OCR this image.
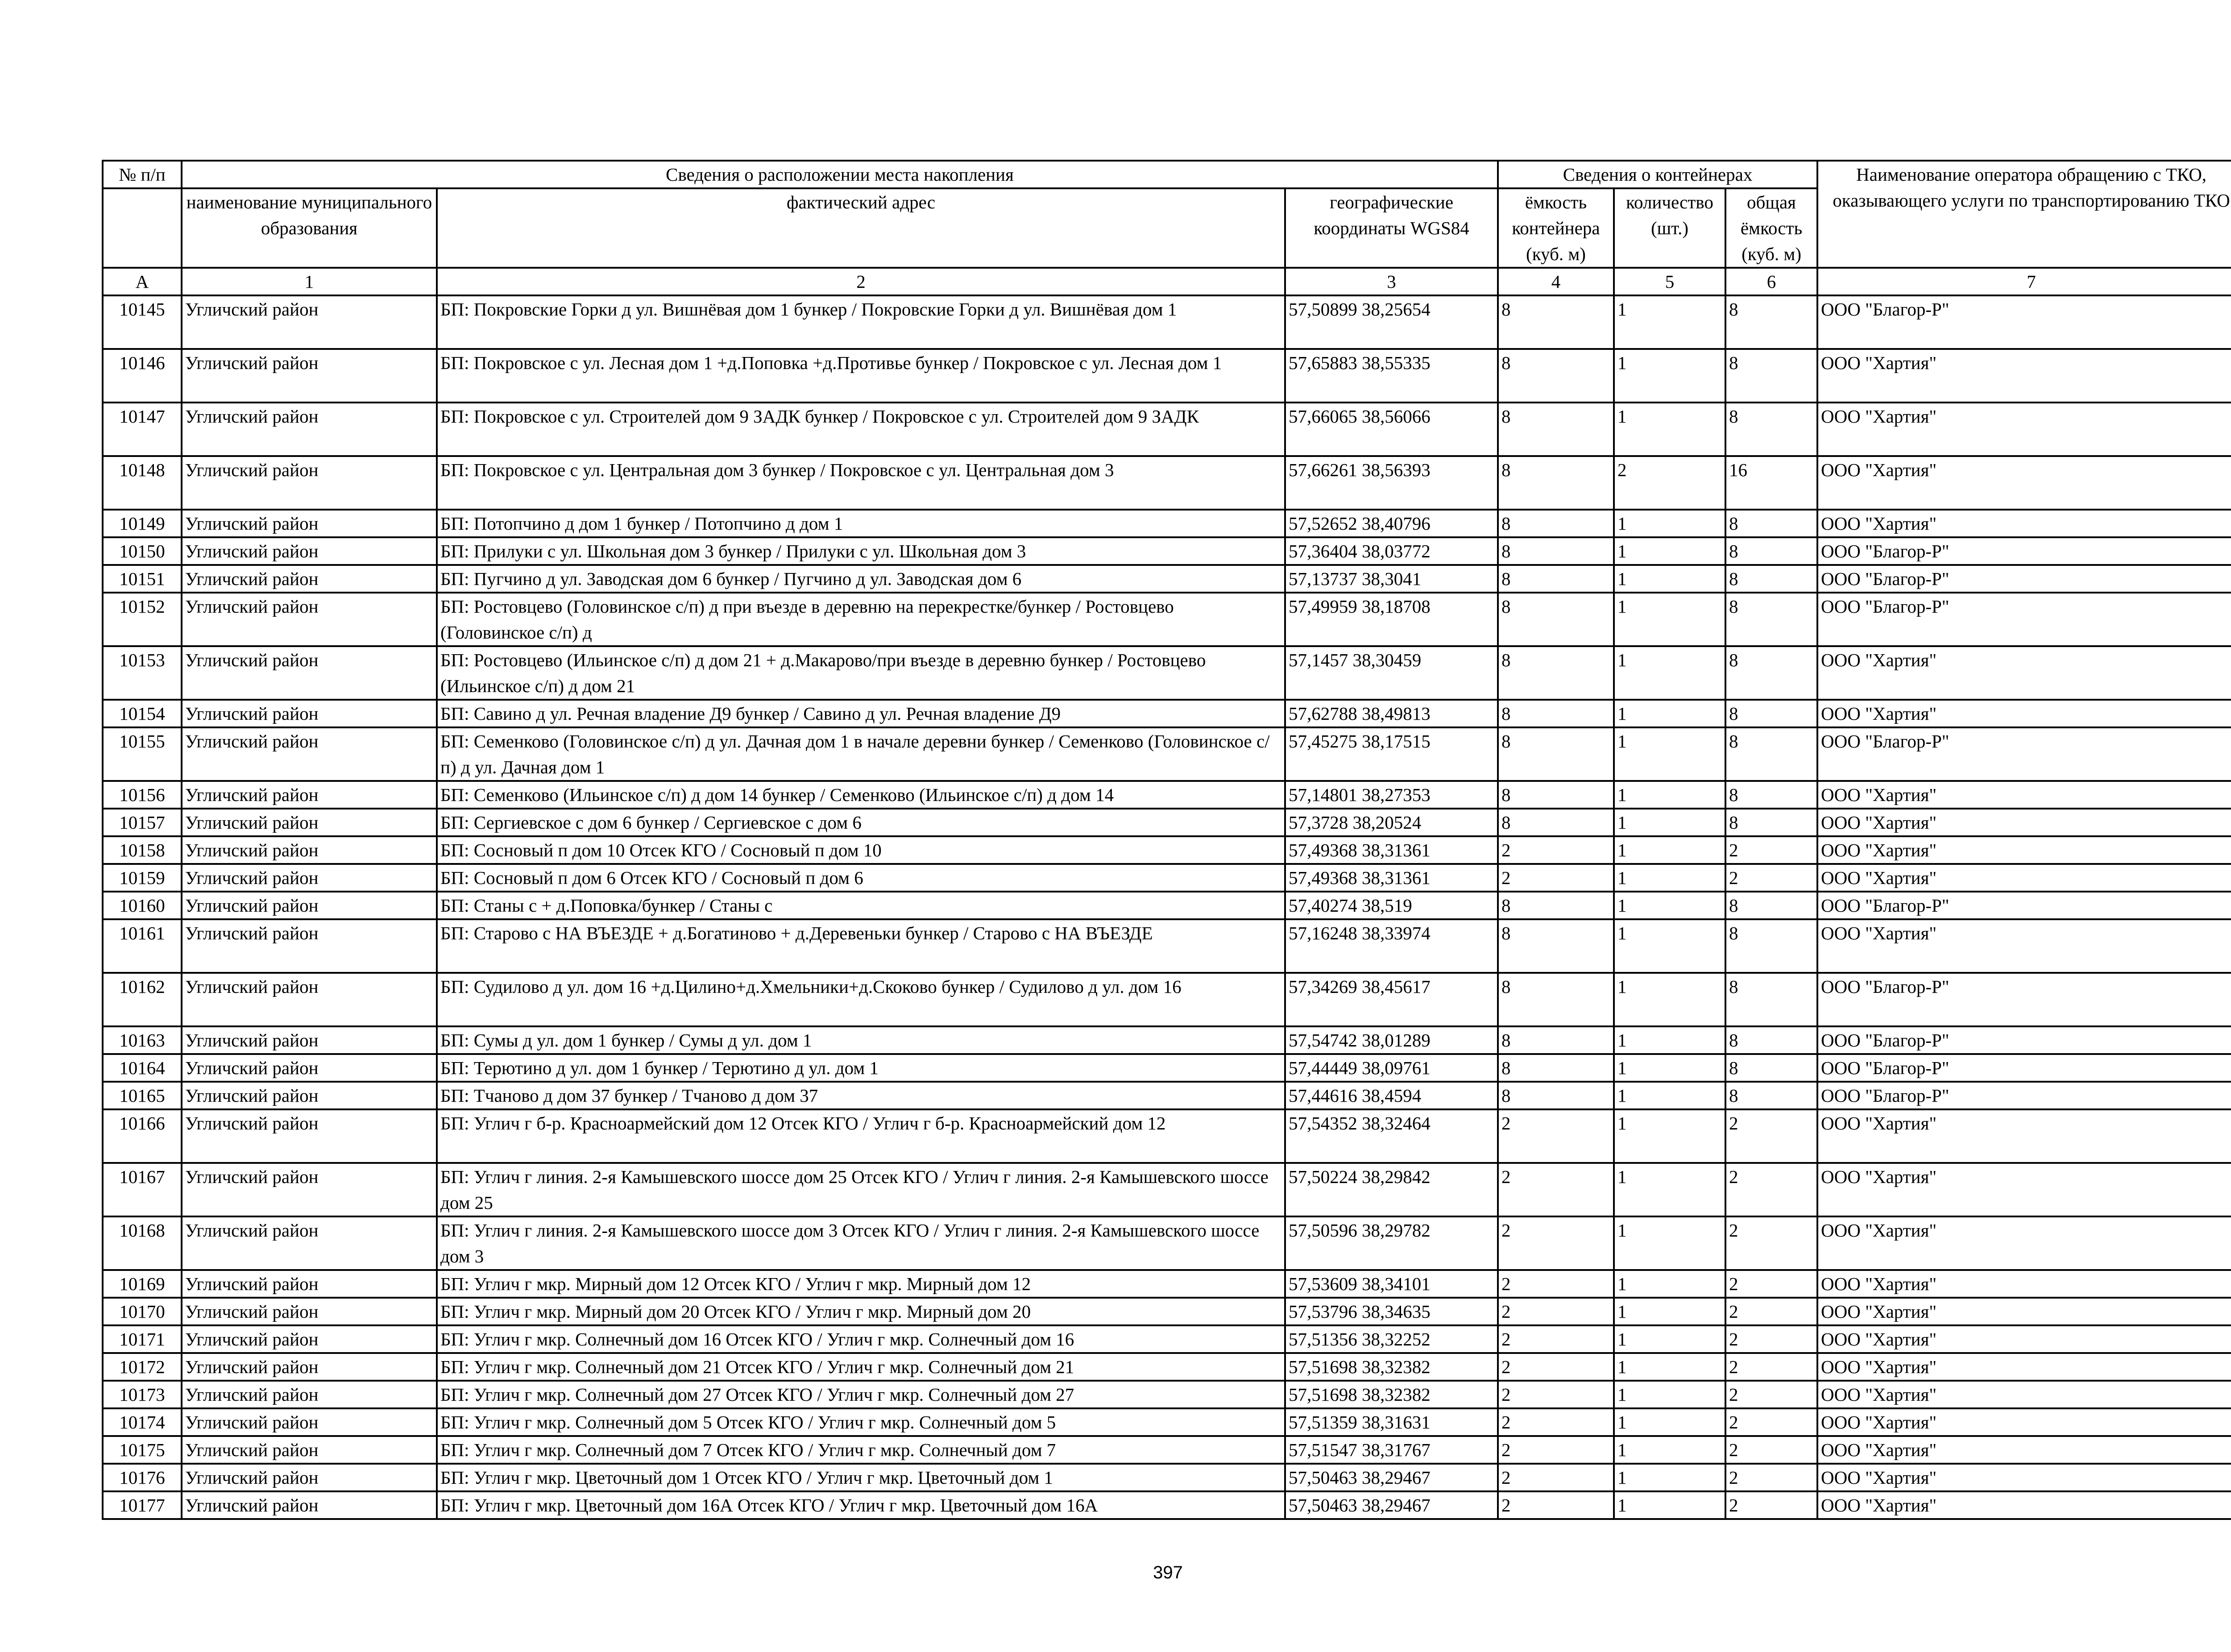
№ п/п	Сведения о расположении места накопления			Сведения о контейнерах			Наименование оператора обращению с ТКО, оказывающего услуги по транспортированию ТКО
	наименование муниципального образования	фактический адрес	географические координаты WGS84	ёмкость контейнера (куб. м)	количество (шт.)	общая ёмкость (куб. м)	
А	1	2	3	4	5	6	7
10145	Угличский район	БП: Покровские Горки д ул. Вишнёвая дом 1 бункер / Покровские Горки д ул. Вишнёвая дом 1	57,50899 38,25654	8	1	8	ООО "Благор-Р"
10146	Угличский район	БП: Покровское с ул. Лесная дом 1 +д.Поповка +д.Противье бункер / Покровское с ул. Лесная дом 1	57,65883 38,55335	8	1	8	ООО "Хартия"
10147	Угличский район	БП: Покровское с ул. Строителей дом 9 ЗАДК бункер / Покровское с ул. Строителей дом 9 ЗАДК	57,66065 38,56066	8	1	8	ООО "Хартия"
10148	Угличский район	БП: Покровское с ул. Центральная дом 3 бункер / Покровское с ул. Центральная дом 3	57,66261 38,56393	8	2	16	ООО "Хартия"
10149	Угличский район	БП: Потопчино д дом 1 бункер / Потопчино д дом 1	57,52652 38,40796	8	1	8	ООО "Хартия"
10150	Угличский район	БП: Прилуки с ул. Школьная дом 3 бункер / Прилуки с ул. Школьная дом 3	57,36404 38,03772	8	1	8	ООО "Благор-Р"
10151	Угличский район	БП: Пугчино д ул. Заводская дом 6 бункер / Пугчино д ул. Заводская дом 6	57,13737 38,3041	8	1	8	ООО "Благор-Р"
10152	Угличский район	БП: Ростовцево (Головинское с/п) д при въезде в деревню на перекрестке/бункер / Ростовцево (Головинское с/п) д	57,49959 38,18708	8	1	8	ООО "Благор-Р"
10153	Угличский район	БП: Ростовцево (Ильинское с/п) д дом 21 + д.Макарово/при въезде в деревню бункер / Ростовцево (Ильинское с/п) д дом 21	57,1457 38,30459	8	1	8	ООО "Хартия"
10154	Угличский район	БП: Савино д ул. Речная владение Д9 бункер / Савино д ул. Речная владение Д9	57,62788 38,49813	8	1	8	ООО "Хартия"
10155	Угличский район	БП: Семенково (Головинское с/п) д ул. Дачная дом 1 в начале деревни бункер / Семенково (Головинское с/п) д ул. Дачная дом 1	57,45275 38,17515	8	1	8	ООО "Благор-Р"
10156	Угличский район	БП: Семенково (Ильинское с/п) д дом 14 бункер / Семенково (Ильинское с/п) д дом 14	57,14801 38,27353	8	1	8	ООО "Хартия"
10157	Угличский район	БП: Сергиевское с дом 6 бункер / Сергиевское с дом 6	57,3728 38,20524	8	1	8	ООО "Хартия"
10158	Угличский район	БП: Сосновый п дом 10 Отсек КГО / Сосновый п дом 10	57,49368 38,31361	2	1	2	ООО "Хартия"
10159	Угличский район	БП: Сосновый п дом 6 Отсек КГО / Сосновый п дом 6	57,49368 38,31361	2	1	2	ООО "Хартия"
10160	Угличский район	БП: Станы с + д.Поповка/бункер / Станы с	57,40274 38,519	8	1	8	ООО "Благор-Р"
10161	Угличский район	БП: Старово с НА ВЪЕЗДЕ + д.Богатиново + д.Деревеньки бункер / Старово с НА ВЪЕЗДЕ	57,16248 38,33974	8	1	8	ООО "Хартия"
10162	Угличский район	БП: Судилово д ул. дом 16 +д.Цилино+д.Хмельники+д.Скоково бункер / Судилово д ул. дом 16	57,34269 38,45617	8	1	8	ООО "Благор-Р"
10163	Угличский район	БП: Сумы д ул. дом 1 бункер / Сумы д ул. дом 1	57,54742 38,01289	8	1	8	ООО "Благор-Р"
10164	Угличский район	БП: Терютино д ул. дом 1 бункер / Терютино д ул. дом 1	57,44449 38,09761	8	1	8	ООО "Благор-Р"
10165	Угличский район	БП: Тчаново д дом 37 бункер / Тчаново д дом 37	57,44616 38,4594	8	1	8	ООО "Благор-Р"
10166	Угличский район	БП: Углич г б-р. Красноармейский дом 12 Отсек КГО / Углич г б-р. Красноармейский дом 12	57,54352 38,32464	2	1	2	ООО "Хартия"
10167	Угличский район	БП: Углич г линия. 2-я Камышевского шоссе дом 25 Отсек КГО / Углич г линия. 2-я Камышевского шоссе дом 25	57,50224 38,29842	2	1	2	ООО "Хартия"
10168	Угличский район	БП: Углич г линия. 2-я Камышевского шоссе дом 3 Отсек КГО / Углич г линия. 2-я Камышевского шоссе дом 3	57,50596 38,29782	2	1	2	ООО "Хартия"
10169	Угличский район	БП: Углич г мкр. Мирный дом 12 Отсек КГО / Углич г мкр. Мирный дом 12	57,53609 38,34101	2	1	2	ООО "Хартия"
10170	Угличский район	БП: Углич г мкр. Мирный дом 20 Отсек КГО / Углич г мкр. Мирный дом 20	57,53796 38,34635	2	1	2	ООО "Хартия"
10171	Угличский район	БП: Углич г мкр. Солнечный дом 16 Отсек КГО / Углич г мкр. Солнечный дом 16	57,51356 38,32252	2	1	2	ООО "Хартия"
10172	Угличский район	БП: Углич г мкр. Солнечный дом 21 Отсек КГО / Углич г мкр. Солнечный дом 21	57,51698 38,32382	2	1	2	ООО "Хартия"
10173	Угличский район	БП: Углич г мкр. Солнечный дом 27 Отсек КГО / Углич г мкр. Солнечный дом 27	57,51698 38,32382	2	1	2	ООО "Хартия"
10174	Угличский район	БП: Углич г мкр. Солнечный дом 5 Отсек КГО / Углич г мкр. Солнечный дом 5	57,51359 38,31631	2	1	2	ООО "Хартия"
10175	Угличский район	БП: Углич г мкр. Солнечный дом 7 Отсек КГО / Углич г мкр. Солнечный дом 7	57,51547 38,31767	2	1	2	ООО "Хартия"
10176	Угличский район	БП: Углич г мкр. Цветочный дом 1 Отсек КГО / Углич г мкр. Цветочный дом 1	57,50463 38,29467	2	1	2	ООО "Хартия"
10177	Угличский район	БП: Углич г мкр. Цветочный дом 16А Отсек КГО / Углич г мкр. Цветочный дом 16А	57,50463 38,29467	2	1	2	ООО "Хартия"
397
